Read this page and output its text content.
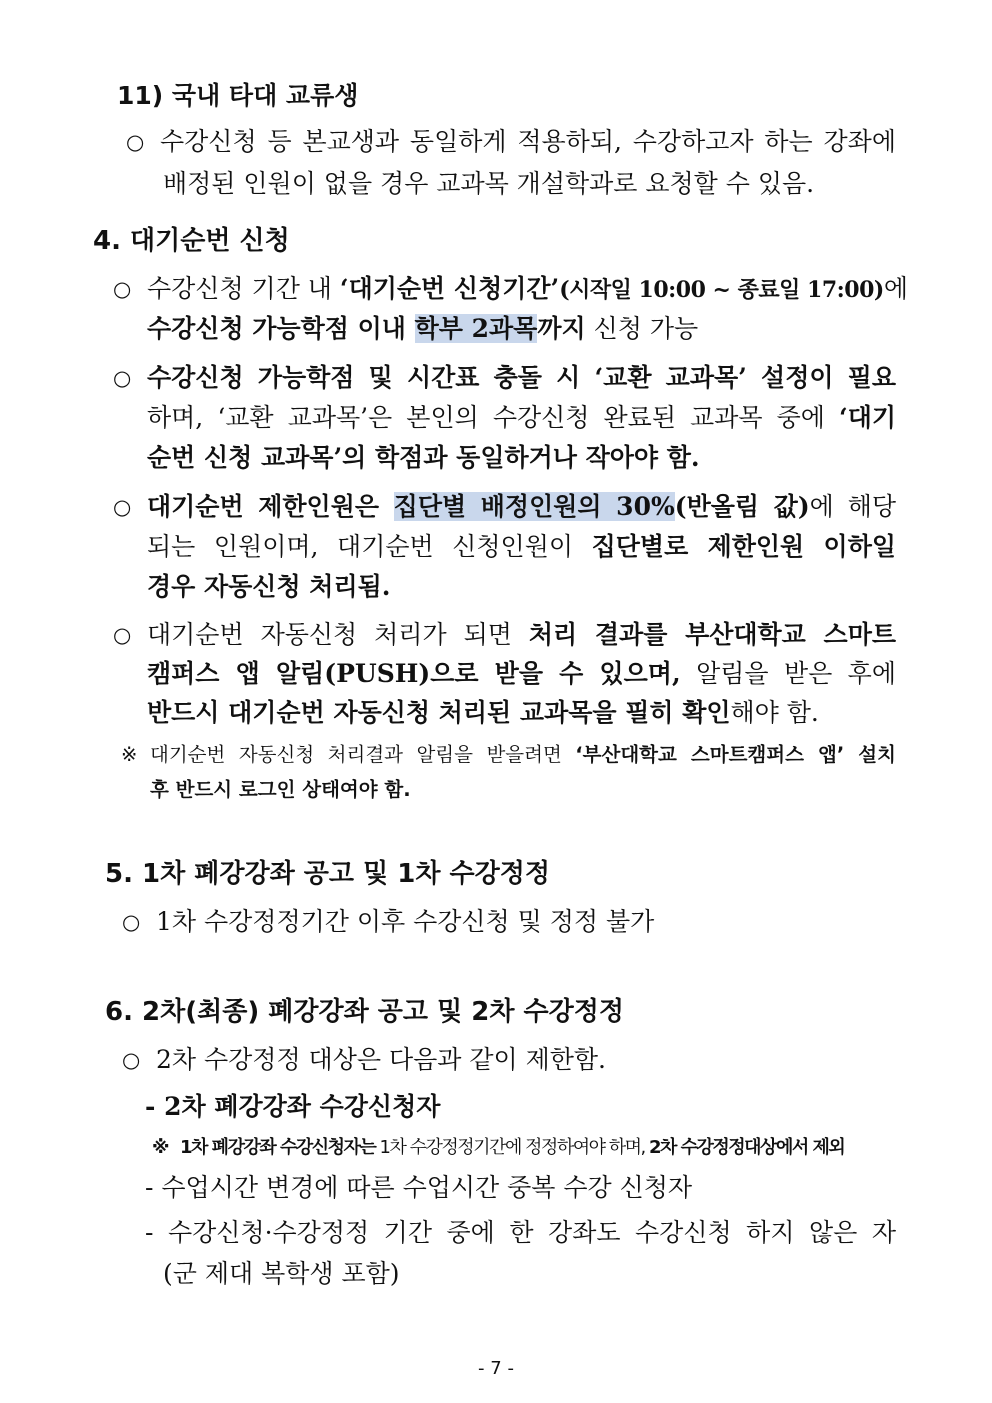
11) 국내 타대 교류생
○ 수강신청 등 본교생과 동일하게 적용하되, 수강하고자 하는 강좌에
배정된 인원이 없을 경우 교과목 개설학과로 요청할 수 있음.
4. 대기순번 신청
○ 수강신청 기간 내 ‘대기순번 신청기간’(시작일 10:00 ~ 종료일 17:00)에
수강신청 가능학점 이내 학부 2과목까지 신청 가능
○ 수강신청 가능학점 및 시간표 충돌 시 ‘교환 교과목’ 설정이 필요
하며, ‘교환 교과목’은 본인의 수강신청 완료된 교과목 중에 ‘대기
순번 신청 교과목’의 학점과 동일하거나 작아야 함.
○ 대기순번 제한인원은 집단별 배정인원의 30%(반올림 값)에 해당
되는 인원이며, 대기순번 신청인원이 집단별로 제한인원 이하일
경우 자동신청 처리됨.
○ 대기순번 자동신청 처리가 되면 처리 결과를 부산대학교 스마트
캠퍼스 앱 알림(PUSH)으로 받을 수 있으며, 알림을 받은 후에
반드시 대기순번 자동신청 처리된 교과목을 필히 확인해야 함.
※ 대기순번 자동신청 처리결과 알림을 받을려면 ‘부산대학교 스마트캠퍼스 앱’ 설치
후 반드시 로그인 상태여야 함.
5. 1차 폐강강좌 공고 및 1차 수강정정
○ 1차 수강정정기간 이후 수강신청 및 정정 불가
6. 2차(최종) 폐강강좌 공고 및 2차 수강정정
○ 2차 수강정정 대상은 다음과 같이 제한함.
- 2차 폐강강좌 수강신청자
※ 1차 폐강강좌 수강신청자는 1차 수강정정기간에 정정하여야 하며, 2차 수강정정대상에서 제외
- 수업시간 변경에 따른 수업시간 중복 수강 신청자
- 수강신청·수강정정 기간 중에 한 강좌도 수강신청 하지 않은 자
(군 제대 복학생 포함)
- 7 -
